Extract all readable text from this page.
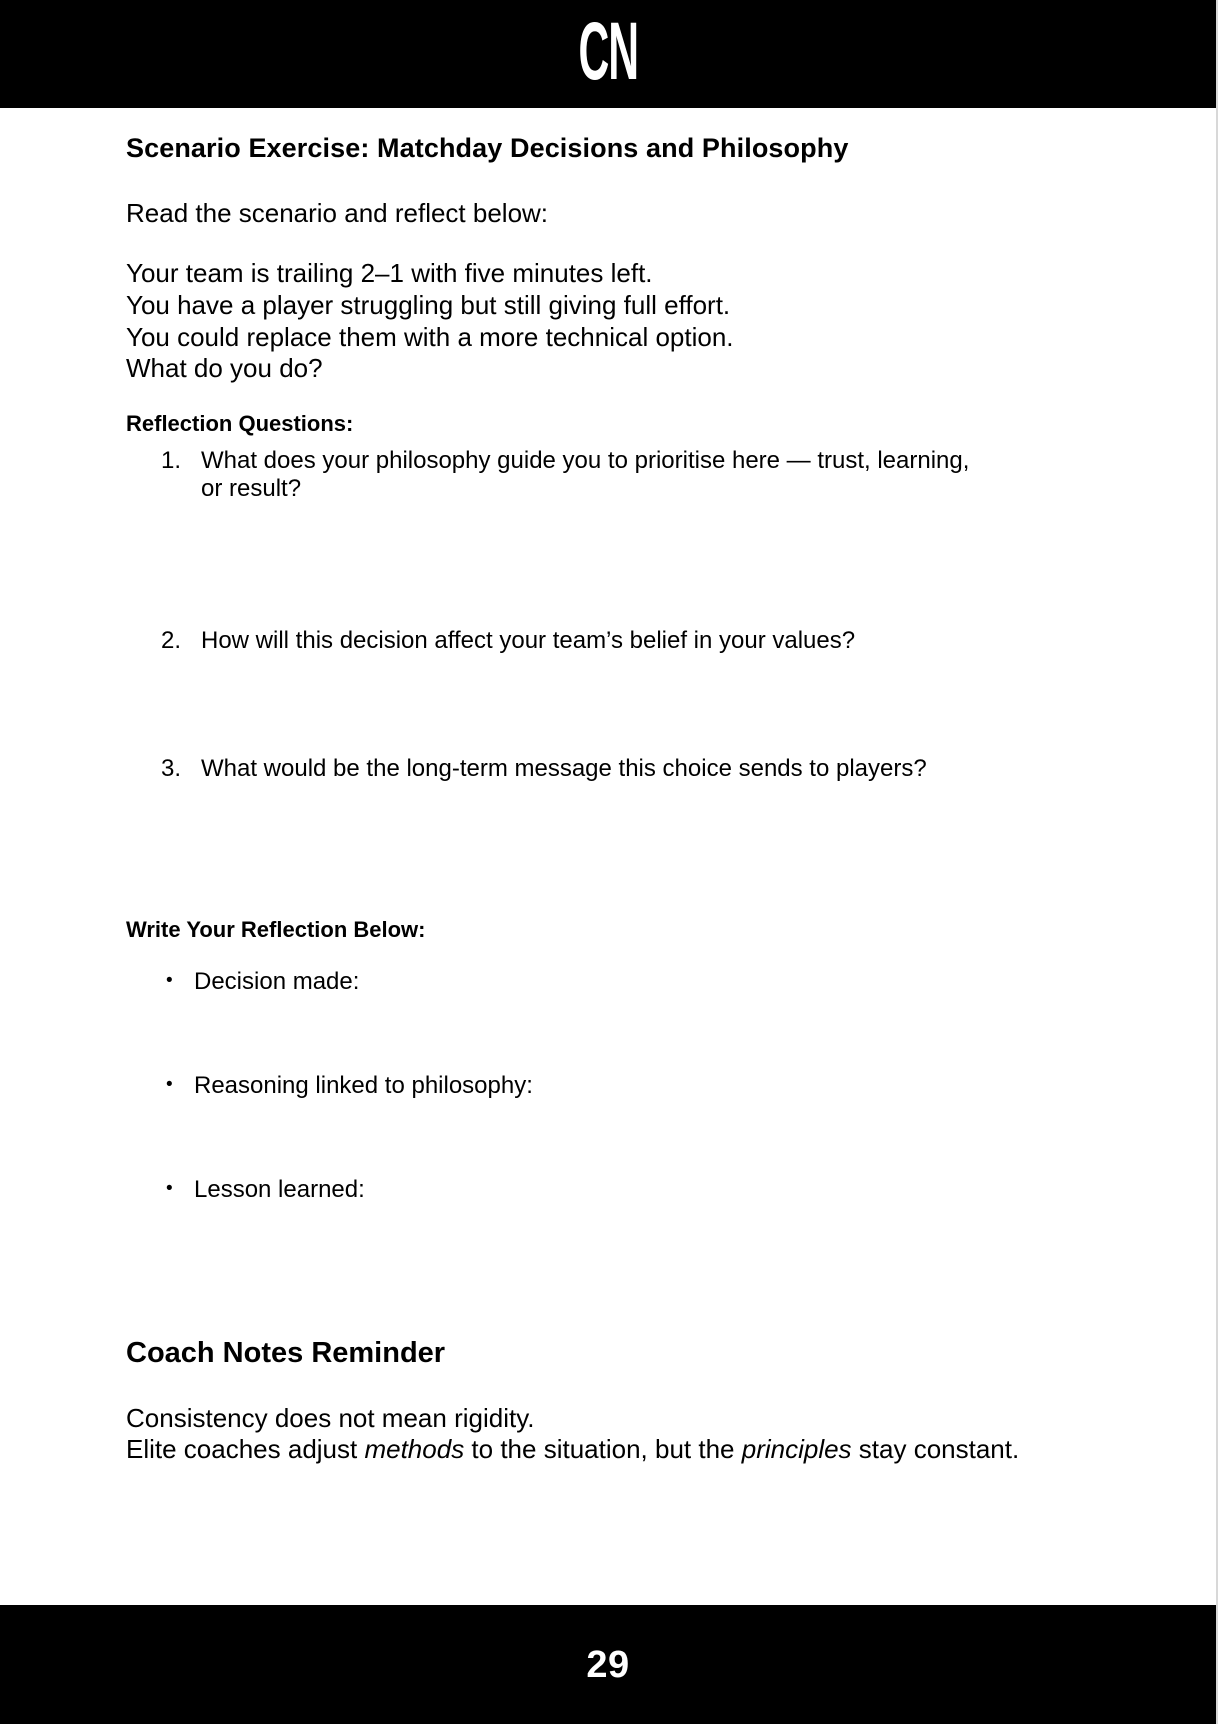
CN
Scenario Exercise: Matchday Decisions and Philosophy

Read the scenario and reflect below:

Your team is trailing 2–1 with five minutes left.
You have a player struggling but still giving full effort.
You could replace them with a more technical option.
What do you do?

Reflection Questions:

1. What does your philosophy guide you to prioritise here — trust, learning, or result?
2. How will this decision affect your team’s belief in your values?
3. What would be the long-term message this choice sends to players?

Write Your Reflection Below:

• Decision made:
• Reasoning linked to philosophy:
• Lesson learned:
Coach Notes Reminder

Consistency does not mean rigidity.

Elite coaches adjust methods to the situation, but the principles stay constant.

29
